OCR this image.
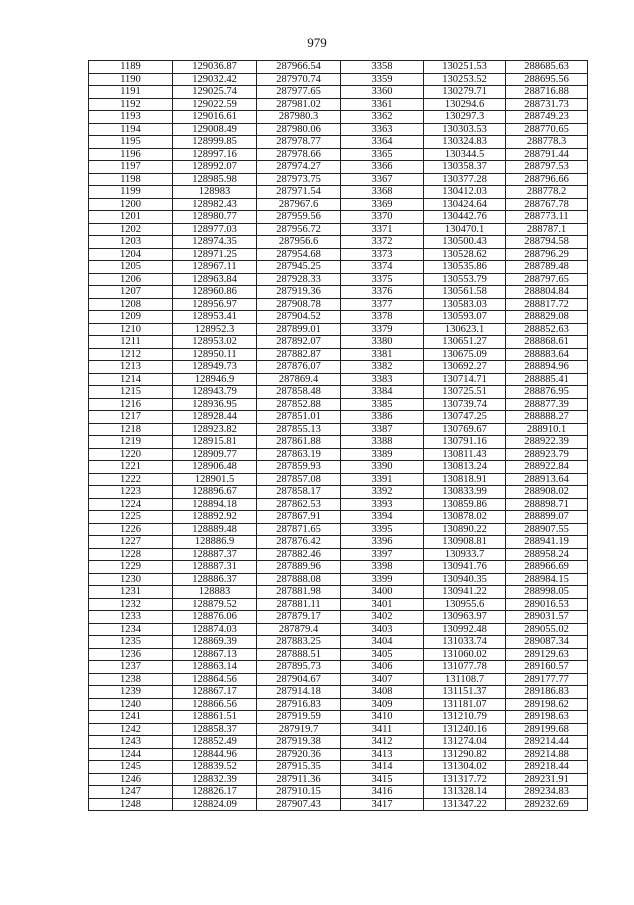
979
1189	129036.87	287966.54	3358	130251.53	288685.63
1190	129032.42	287970.74	3359	130253.52	288695.56
1191	129025.74	287977.65	3360	130279.71	288716.88
1192	129022.59	287981.02	3361	130294.6	288731.73
1193	129016.61	287980.3	3362	130297.3	288749.23
1194	129008.49	287980.06	3363	130303.53	288770.65
1195	128999.85	287978.77	3364	130324.83	288778.3
1196	128997.16	287978.66	3365	130344.5	288791.44
1197	128992.07	287974.27	3366	130358.37	288797.53
1198	128985.98	287973.75	3367	130377.28	288796.66
1199	128983	287971.54	3368	130412.03	288778.2
1200	128982.43	287967.6	3369	130424.64	288767.78
1201	128980.77	287959.56	3370	130442.76	288773.11
1202	128977.03	287956.72	3371	130470.1	288787.1
1203	128974.35	287956.6	3372	130500.43	288794.58
1204	128971.25	287954.68	3373	130528.62	288796.29
1205	128967.11	287945.25	3374	130535.86	288789.48
1206	128963.84	287928.33	3375	130553.79	288797.65
1207	128960.86	287919.36	3376	130561.58	288804.84
1208	128956.97	287908.78	3377	130583.03	288817.72
1209	128953.41	287904.52	3378	130593.07	288829.08
1210	128952.3	287899.01	3379	130623.1	288852.63
1211	128953.02	287892.07	3380	130651.27	288868.61
1212	128950.11	287882.87	3381	130675.09	288883.64
1213	128949.73	287876.07	3382	130692.27	288894.96
1214	128946.9	287869.4	3383	130714.71	288885.41
1215	128943.79	287858.48	3384	130725.51	288876.95
1216	128936.95	287852.88	3385	130739.74	288877.39
1217	128928.44	287851.01	3386	130747.25	288888.27
1218	128923.82	287855.13	3387	130769.67	288910.1
1219	128915.81	287861.88	3388	130791.16	288922.39
1220	128909.77	287863.19	3389	130811.43	288923.79
1221	128906.48	287859.93	3390	130813.24	288922.84
1222	128901.5	287857.08	3391	130818.91	288913.64
1223	128896.67	287858.17	3392	130833.99	288908.02
1224	128894.18	287862.53	3393	130859.86	288898.71
1225	128892.92	287867.91	3394	130878.02	288899.07
1226	128889.48	287871.65	3395	130890.22	288907.55
1227	128886.9	287876.42	3396	130908.81	288941.19
1228	128887.37	287882.46	3397	130933.7	288958.24
1229	128887.31	287889.96	3398	130941.76	288966.69
1230	128886.37	287888.08	3399	130940.35	288984.15
1231	128883	287881.98	3400	130941.22	288998.05
1232	128879.52	287881.11	3401	130955.6	289016.53
1233	128876.06	287879.17	3402	130963.97	289031.57
1234	128874.03	287879.4	3403	130992.48	289055.02
1235	128869.39	287883.25	3404	131033.74	289087.34
1236	128867.13	287888.51	3405	131060.02	289129.63
1237	128863.14	287895.73	3406	131077.78	289160.57
1238	128864.56	287904.67	3407	131108.7	289177.77
1239	128867.17	287914.18	3408	131151.37	289186.83
1240	128866.56	287916.83	3409	131181.07	289198.62
1241	128861.51	287919.59	3410	131210.79	289198.63
1242	128858.37	287919.7	3411	131240.16	289199.68
1243	128852.49	287919.38	3412	131274.04	289214.44
1244	128844.96	287920.36	3413	131290.82	289214.88
1245	128839.52	287915.35	3414	131304.02	289218.44
1246	128832.39	287911.36	3415	131317.72	289231.91
1247	128826.17	287910.15	3416	131328.14	289234.83
1248	128824.09	287907.43	3417	131347.22	289232.69
